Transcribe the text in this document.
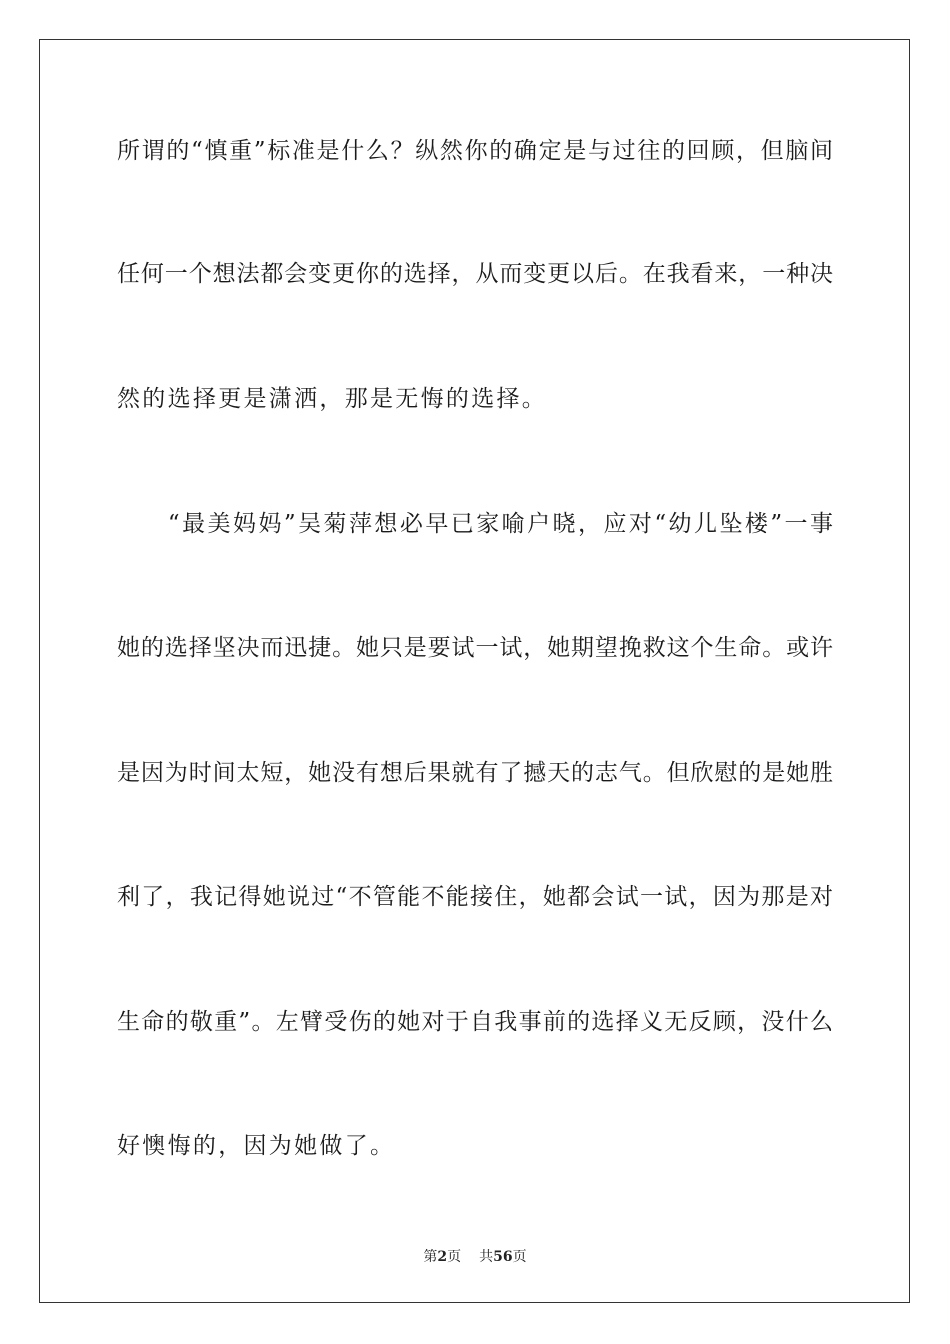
所谓的“慎重”标准是什么？纵然你的确定是与过往的回顾，但脑间
任何一个想法都会变更你的选择，从而变更以后。在我看来，一种决
然的选择更是潇洒，那是无悔的选择。
　　“最美妈妈”吴菊萍想必早已家喻户晓，应对“幼儿坠楼”一事
她的选择坚决而迅捷。她只是要试一试，她期望挽救这个生命。或许
是因为时间太短，她没有想后果就有了撼天的志气。但欣慰的是她胜
利了，我记得她说过“不管能不能接住，她都会试一试，因为那是对
生命的敬重”。左臂受伤的她对于自我事前的选择义无反顾，没什么
好懊悔的，因为她做了。
第2页 共56页
